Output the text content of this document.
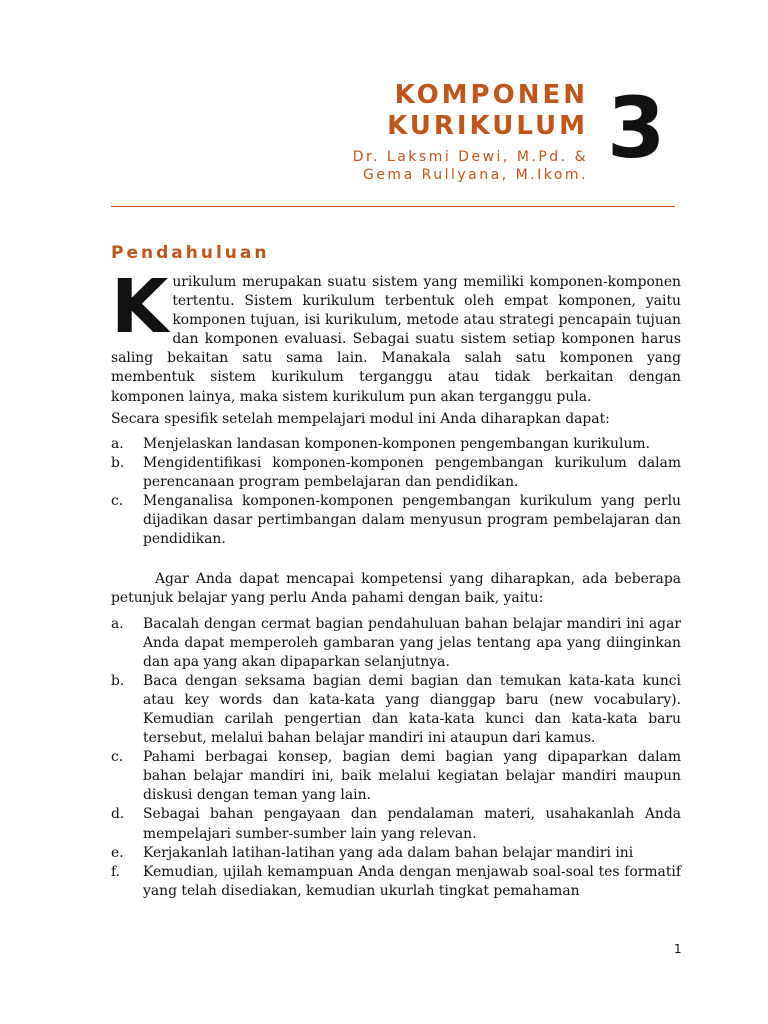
KOMPONEN
KURIKULUM
Dr. Laksmi Dewi, M.Pd. &
Gema Rullyana, M.Ikom. 3
Pendahuluan

K urikulum merupakan suatu sistem yang memiliki komponen-komponen tertentu. Sistem kurikulum terbentuk oleh empat komponen, yaitu komponen tujuan, isi kurikulum, metode atau strategi pencapain tujuan dan komponen evaluasi. Sebagai suatu sistem setiap komponen harus saling bekaitan satu sama lain. Manakala salah satu komponen yang membentuk sistem kurikulum terganggu atau tidak berkaitan dengan komponen lainya, maka sistem kurikulum pun akan terganggu pula.

Secara spesifik setelah mempelajari modul ini Anda diharapkan dapat:

a. Menjelaskan landasan komponen-komponen pengembangan kurikulum.
b. Mengidentifikasi komponen-komponen pengembangan kurikulum dalam perencanaan program pembelajaran dan pendidikan.
c. Menganalisa komponen-komponen pengembangan kurikulum yang perlu dijadikan dasar pertimbangan dalam menyusun program pembelajaran dan pendidikan.

Agar Anda dapat mencapai kompetensi yang diharapkan, ada beberapa petunjuk belajar yang perlu Anda pahami dengan baik, yaitu:

a. Bacalah dengan cermat bagian pendahuluan bahan belajar mandiri ini agar Anda dapat memperoleh gambaran yang jelas tentang apa yang diinginkan dan apa yang akan dipaparkan selanjutnya.
b. Baca dengan seksama bagian demi bagian dan temukan kata-kata kunci atau key words dan kata-kata yang dianggap baru (new vocabulary). Kemudian carilah pengertian dan kata-kata kunci dan kata-kata baru tersebut, melalui bahan belajar mandiri ini ataupun dari kamus.
c. Pahami berbagai konsep, bagian demi bagian yang dipaparkan dalam bahan belajar mandiri ini, baik melalui kegiatan belajar mandiri maupun diskusi dengan teman yang lain.
d. Sebagai bahan pengayaan dan pendalaman materi, usahakanlah Anda mempelajari sumber-sumber lain yang relevan.
e. Kerjakanlah latihan-latihan yang ada dalam bahan belajar mandiri ini
f. Kemudian, ujilah kemampuan Anda dengan menjawab soal-soal tes formatif yang telah disediakan, kemudian ukurlah tingkat pemahaman
1
